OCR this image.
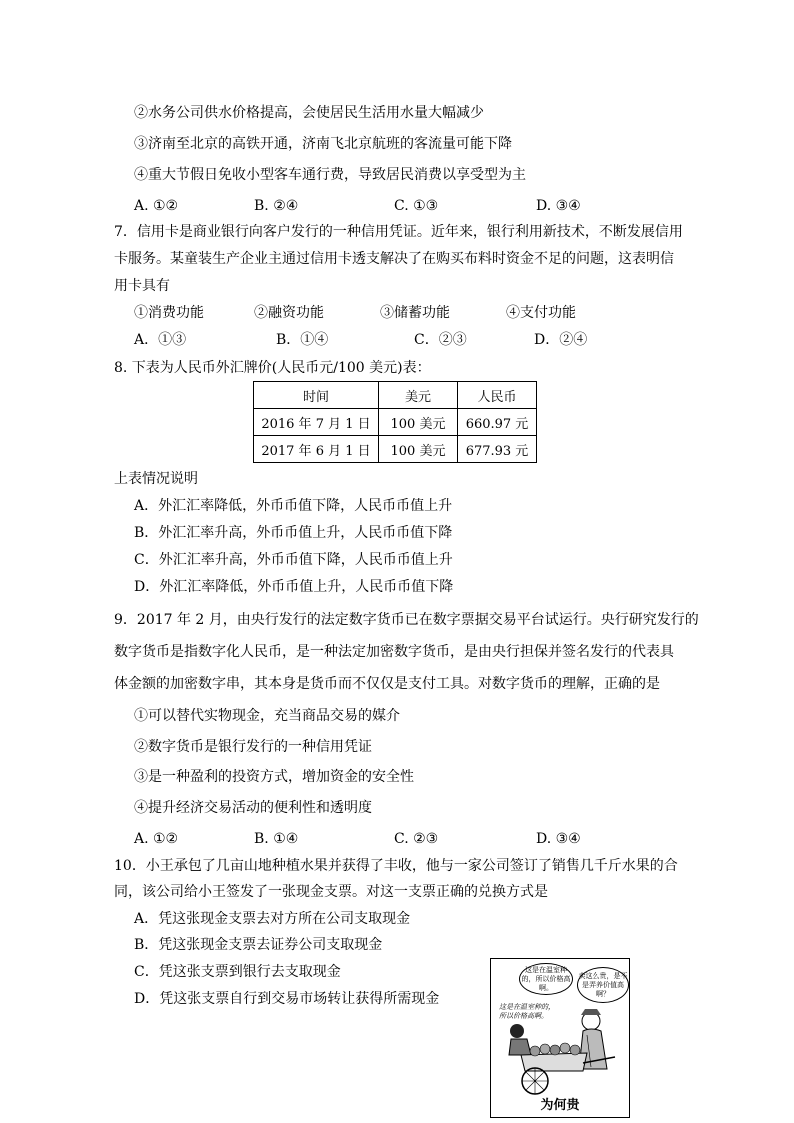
②水务公司供水价格提高，会使居民生活用水量大幅减少
③济南至北京的高铁开通，济南飞北京航班的客流量可能下降
④重大节假日免收小型客车通行费，导致居民消费以享受型为主
A. ①②	B. ②④	C. ①③	D. ③④
7．信用卡是商业银行向客户发行的一种信用凭证。近年来，银行利用新技术，不断发展信用
卡服务。某童装生产企业主通过信用卡透支解决了在购买布料时资金不足的问题，这表明信
用卡具有
①消费功能	②融资功能	③储蓄功能	④支付功能
A．①③	B．①④	C．②③	D．②④
8. 下表为人民币外汇牌价(人民币元/100 美元)表：
时间	美元	人民币
2016 年 7 月 1 日	100 美元	660.97 元
2017 年 6 月 1 日	100 美元	677.93 元
上表情况说明
A．外汇汇率降低，外币币值下降，人民币币值上升
B．外汇汇率升高，外币币值上升，人民币币值下降
C．外汇汇率升高，外币币值下降，人民币币值上升
D．外汇汇率降低，外币币值上升，人民币币值下降
9．2017 年 2 月，由央行发行的法定数字货币已在数字票据交易平台试运行。央行研究发行的
数字货币是指数字化人民币，是一种法定加密数字货币，是由央行担保并签名发行的代表具
体金额的加密数字串，其本身是货币而不仅仅是支付工具。对数字货币的理解，正确的是
①可以替代实物现金，充当商品交易的媒介
②数字货币是银行发行的一种信用凭证
③是一种盈利的投资方式，增加资金的安全性
④提升经济交易活动的便利性和透明度
A. ①②	B. ①④	C. ②③	D. ③④
10．小王承包了几亩山地种植水果并获得了丰收，他与一家公司签订了销售几千斤水果的合
同，该公司给小王签发了一张现金支票。对这一支票正确的兑换方式是
A．凭这张现金支票去对方所在公司支取现金
B．凭这张现金支票去证券公司支取现金
C．凭这张支票到银行去支取现金
D．凭这张支票自行到交易市场转让获得所需现金
这是在温室种的，所以价格高啊。
卖这么贵，是不是弄养价值高啊？
这是在温室种的，所以价格高啊。
为何贵
